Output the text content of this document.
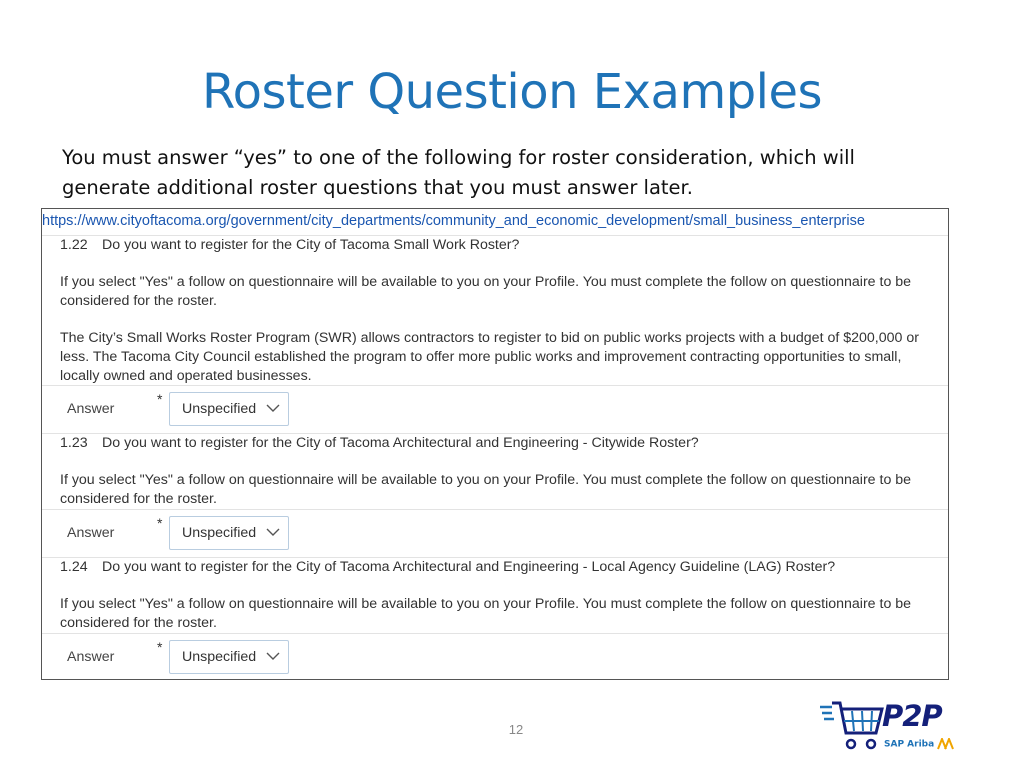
Roster Question Examples
You must answer “yes” to one of the following for roster consideration, which will generate additional roster questions that you must answer later.
https://www.cityoftacoma.org/government/city_departments/community_and_economic_development/small_business_enterprise
1.22 Do you want to register for the City of Tacoma Small Work Roster?
If you select "Yes" a follow on questionnaire will be available to you on your Profile. You must complete the follow on questionnaire to be considered for the roster.
The City’s Small Works Roster Program (SWR) allows contractors to register to bid on public works projects with a budget of $200,000 or less. The Tacoma City Council established the program to offer more public works and improvement contracting opportunities to small, locally owned and operated businesses.
Answer
*
Unspecified
1.23 Do you want to register for the City of Tacoma Architectural and Engineering - Citywide Roster?
If you select "Yes" a follow on questionnaire will be available to you on your Profile. You must complete the follow on questionnaire to be considered for the roster.
Answer
*
Unspecified
1.24 Do you want to register for the City of Tacoma Architectural and Engineering - Local Agency Guideline (LAG) Roster?
If you select "Yes" a follow on questionnaire will be available to you on your Profile. You must complete the follow on questionnaire to be considered for the roster.
Answer
*
Unspecified
12	P2P
SAP Ariba
